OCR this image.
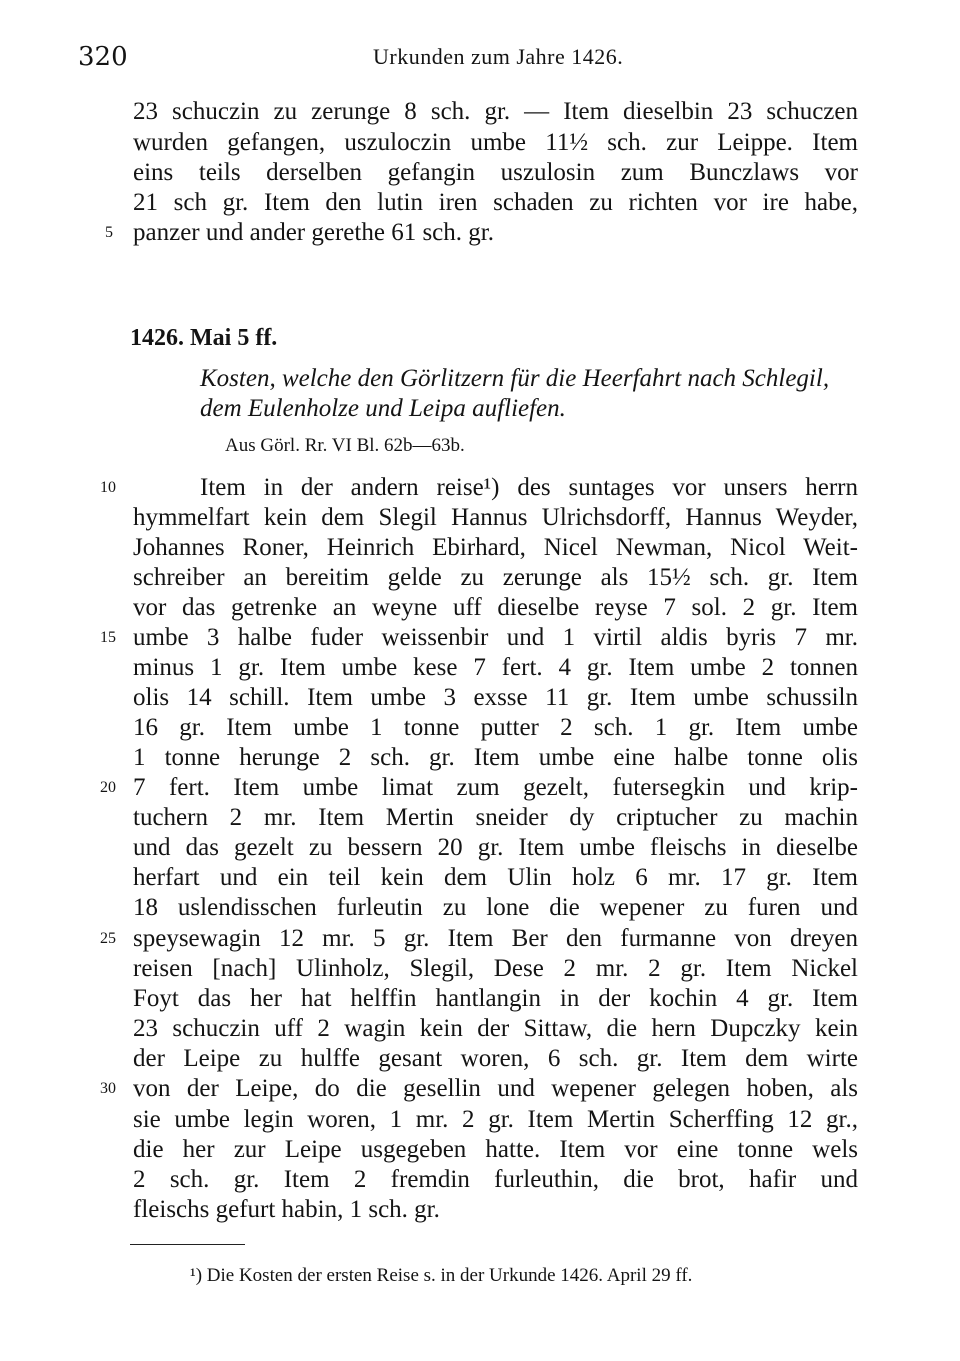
320	Urkunden zum Jahre 1426.
23 schuczin zu zerunge 8 sch. gr. — Item dieselbin 23 schuczen
wurden gefangen, uszuloczin umbe 11½ sch. zur Leippe. Item
eins teils derselben gefangin uszulosin zum Bunczlaws vor
21 sch gr. Item den lutin iren schaden zu richten vor ire habe,
panzer und ander gerethe 61 sch. gr.
5
1426. Mai 5 ff.
Kosten, welche den Görlitzern für die Heerfahrt nach Schlegil,
dem Eulenholze und Leipa aufliefen.
Aus Görl. Rr. VI Bl. 62b—63b.
Item in der andern reise¹) des suntages vor unsers herrn
hymmelfart kein dem Slegil Hannus Ulrichsdorff, Hannus Weyder,
Johannes Roner, Heinrich Ebirhard, Nicel Newman, Nicol Weit-
schreiber an bereitim gelde zu zerunge als 15½ sch. gr. Item
vor das getrenke an weyne uff dieselbe reyse 7 sol. 2 gr. Item
umbe 3 halbe fuder weissenbir und 1 virtil aldis byris 7 mr.
minus 1 gr. Item umbe kese 7 fert. 4 gr. Item umbe 2 tonnen
olis 14 schill. Item umbe 3 exsse 11 gr. Item umbe schussiln
16 gr. Item umbe 1 tonne putter 2 sch. 1 gr. Item umbe
1 tonne herunge 2 sch. gr. Item umbe eine halbe tonne olis
7 fert. Item umbe limat zum gezelt, futersegkin und krip-
tuchern 2 mr. Item Mertin sneider dy criptucher zu machin
und das gezelt zu bessern 20 gr. Item umbe fleischs in dieselbe
herfart und ein teil kein dem Ulin holz 6 mr. 17 gr. Item
18 uslendisschen furleutin zu lone die wepener zu furen und
speysewagin 12 mr. 5 gr. Item Ber den furmanne von dreyen
reisen [nach] Ulinholz, Slegil, Dese 2 mr. 2 gr. Item Nickel
Foyt das her hat helffin hantlangin in der kochin 4 gr. Item
23 schuczin uff 2 wagin kein der Sittaw, die hern Dupczky kein
der Leipe zu hulffe gesant woren, 6 sch. gr. Item dem wirte
von der Leipe, do die gesellin und wepener gelegen hoben, als
sie umbe legin woren, 1 mr. 2 gr. Item Mertin Scherffing 12 gr.,
die her zur Leipe usgegeben hatte. Item vor eine tonne wels
2 sch. gr. Item 2 fremdin furleuthin, die brot, hafir und
fleischs gefurt habin, 1 sch. gr.
10
15
20
25
30
¹) Die Kosten der ersten Reise s. in der Urkunde 1426. April 29 ff.
